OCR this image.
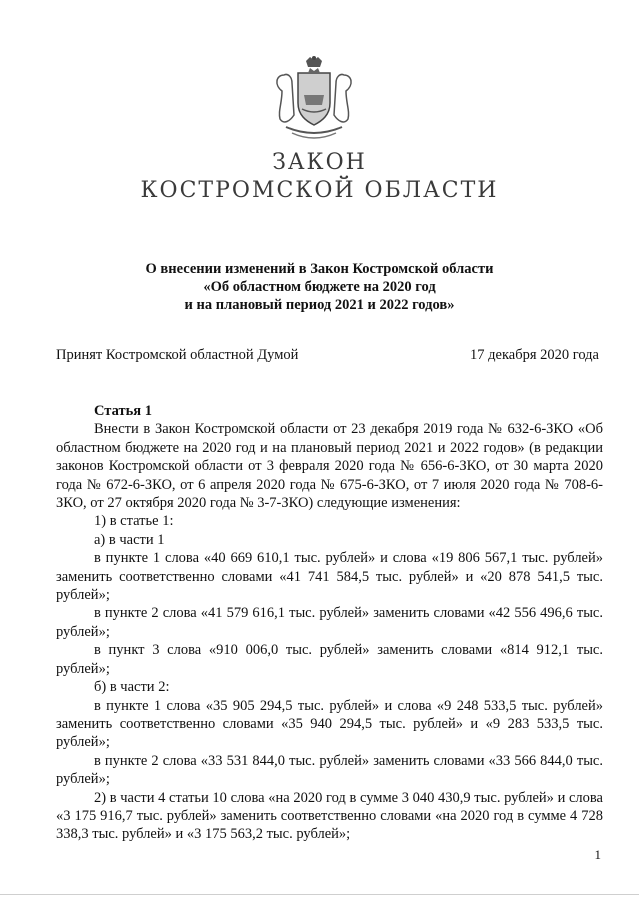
ЗАКОН
КОСТРОМСКОЙ ОБЛАСТИ
О внесении изменений в Закон Костромской области
«Об областном бюджете на 2020 год
и на плановый период 2021 и 2022 годов»
Принят Костромской областной Думой	17 декабря 2020 года

Статья 1

Внести в Закон Костромской области от 23 декабря 2019 года № 632-6-ЗКО «Об областном бюджете на 2020 год и на плановый период 2021 и 2022 годов» (в редакции законов Костромской области от 3 февраля 2020 года № 656-6-ЗКО, от 30 марта 2020 года № 672-6-ЗКО, от 6 апреля 2020 года № 675-6-ЗКО, от 7 июля 2020 года № 708-6-ЗКО, от 27 октября 2020 года № 3-7-ЗКО) следующие изменения:

1) в статье 1:

а) в части 1

в пункте 1 слова «40 669 610,1 тыс. рублей» и слова «19 806 567,1 тыс. рублей» заменить соответственно словами «41 741 584,5 тыс. рублей» и «20 878 541,5 тыс. рублей»;

в пункте 2 слова «41 579 616,1 тыс. рублей» заменить словами «42 556 496,6 тыс. рублей»;

в пункт 3 слова «910 006,0 тыс. рублей» заменить словами «814 912,1 тыс. рублей»;

б) в части 2:

в пункте 1 слова «35 905 294,5 тыс. рублей» и слова «9 248 533,5 тыс. рублей» заменить соответственно словами «35 940 294,5 тыс. рублей» и «9 283 533,5 тыс. рублей»;

в пункте 2 слова «33 531 844,0 тыс. рублей» заменить словами «33 566 844,0 тыс. рублей»;

2) в части 4 статьи 10 слова «на 2020 год в сумме 3 040 430,9 тыс. рублей» и слова «3 175 916,7 тыс. рублей» заменить соответственно словами «на 2020 год в сумме 4 728 338,3 тыс. рублей» и «3 175 563,2 тыс. рублей»;

1
